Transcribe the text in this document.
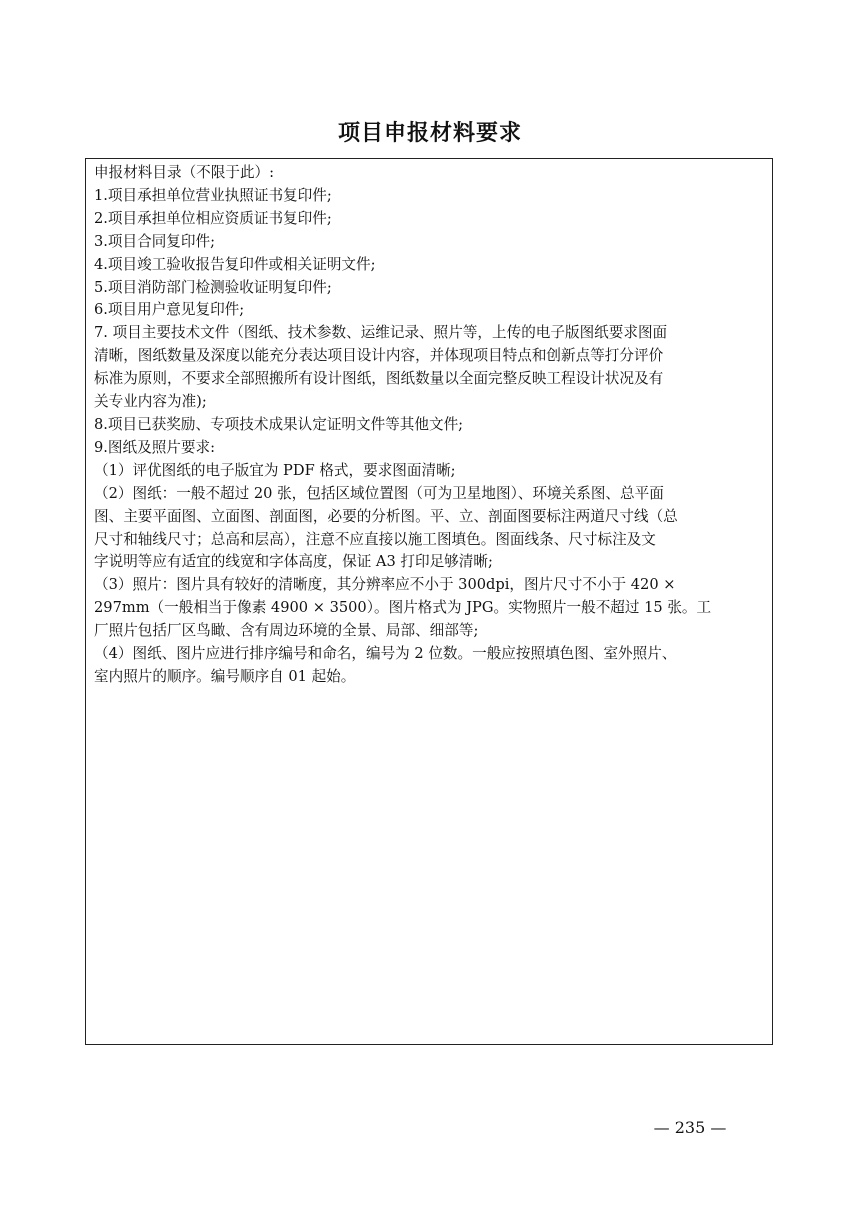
项目申报材料要求
申报材料目录（不限于此）:
1.项目承担单位营业执照证书复印件;
2.项目承担单位相应资质证书复印件;
3.项目合同复印件;
4.项目竣工验收报告复印件或相关证明文件;
5.项目消防部门检测验收证明复印件;
6.项目用户意见复印件;
7. 项目主要技术文件（图纸、技术参数、运维记录、照片等，上传的电子版图纸要求图面
清晰，图纸数量及深度以能充分表达项目设计内容，并体现项目特点和创新点等打分评价
标准为原则，不要求全部照搬所有设计图纸，图纸数量以全面完整反映工程设计状况及有
关专业内容为准);
8.项目已获奖励、专项技术成果认定证明文件等其他文件;
9.图纸及照片要求:
（1）评优图纸的电子版宜为 PDF 格式，要求图面清晰;
（2）图纸：一般不超过 20 张，包括区域位置图（可为卫星地图）、环境关系图、总平面
图、主要平面图、立面图、剖面图，必要的分析图。平、立、剖面图要标注两道尺寸线（总
尺寸和轴线尺寸；总高和层高），注意不应直接以施工图填色。图面线条、尺寸标注及文
字说明等应有适宜的线宽和字体高度，保证 A3 打印足够清晰;
（3）照片：图片具有较好的清晰度，其分辨率应不小于 300dpi，图片尺寸不小于 420 ×
297mm（一般相当于像素 4900 × 3500）。图片格式为 JPG。实物照片一般不超过 15 张。工
厂照片包括厂区鸟瞰、含有周边环境的全景、局部、细部等;
（4）图纸、图片应进行排序编号和命名，编号为 2 位数。一般应按照填色图、室外照片、
室内照片的顺序。编号顺序自 01 起始。
— 235 —
